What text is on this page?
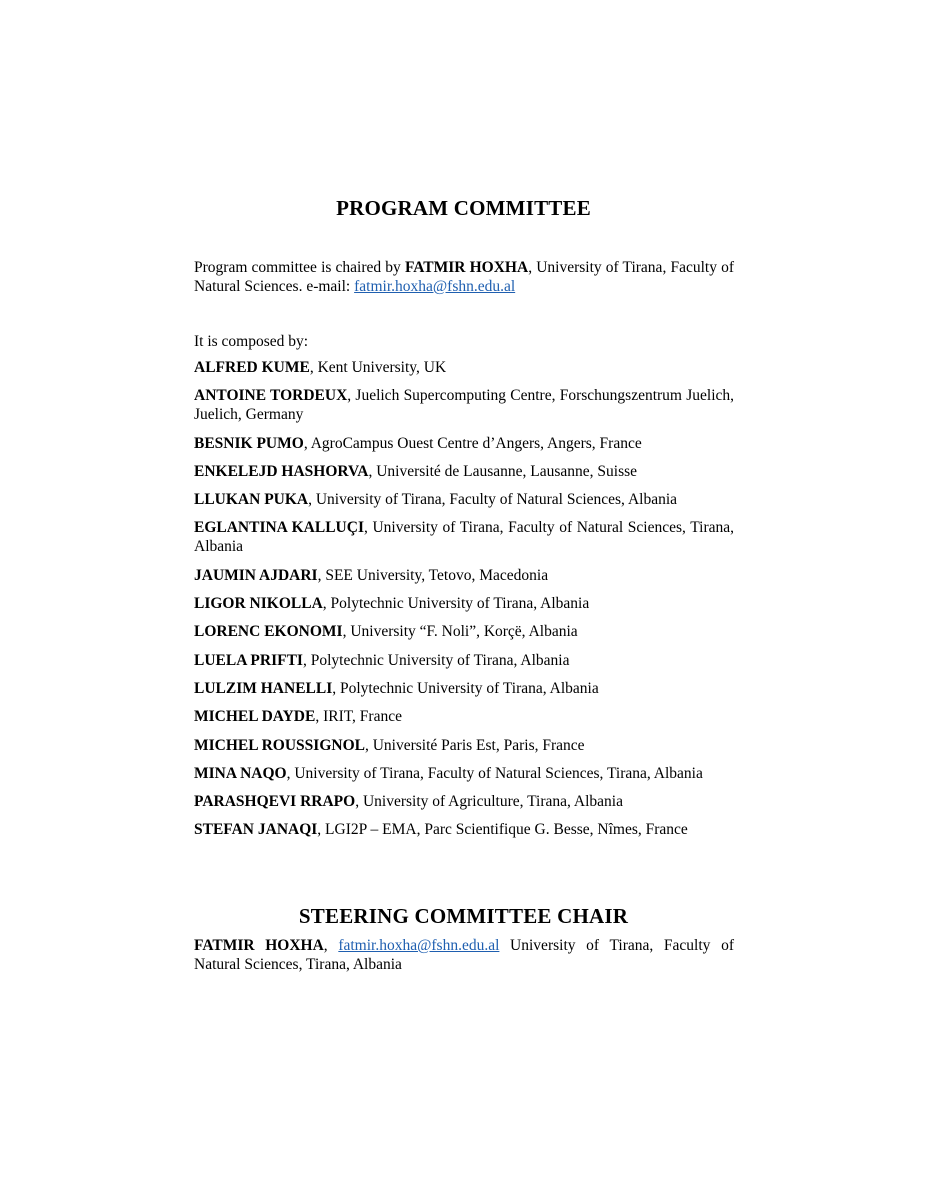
PROGRAM COMMITTEE

Program committee is chaired by FATMIR HOXHA, University of Tirana, Faculty of Natural Sciences. e-mail: fatmir.hoxha@fshn.edu.al

It is composed by:

ALFRED KUME, Kent University, UK
ANTOINE TORDEUX, Juelich Supercomputing Centre, Forschungszentrum Juelich, Juelich, Germany
BESNIK PUMO, AgroCampus Ouest Centre d’Angers, Angers, France
ENKELEJD HASHORVA, Université de Lausanne, Lausanne, Suisse
LLUKAN PUKA, University of Tirana, Faculty of Natural Sciences, Albania
EGLANTINA KALLUÇI, University of Tirana, Faculty of Natural Sciences, Tirana, Albania
JAUMIN AJDARI, SEE University, Tetovo, Macedonia
LIGOR NIKOLLA, Polytechnic University of Tirana, Albania
LORENC EKONOMI, University “F. Noli”, Korçë, Albania
LUELA PRIFTI, Polytechnic University of Tirana, Albania
LULZIM HANELLI, Polytechnic University of Tirana, Albania
MICHEL DAYDE, IRIT, France
MICHEL ROUSSIGNOL, Université Paris Est, Paris, France
MINA NAQO, University of Tirana, Faculty of Natural Sciences, Tirana, Albania
PARASHQEVI RRAPO, University of Agriculture, Tirana, Albania
STEFAN JANAQI, LGI2P – EMA, Parc Scientifique G. Besse, Nîmes, France
STEERING COMMITTEE CHAIR

FATMIR HOXHA, fatmir.hoxha@fshn.edu.al University of Tirana, Faculty of Natural Sciences, Tirana, Albania
